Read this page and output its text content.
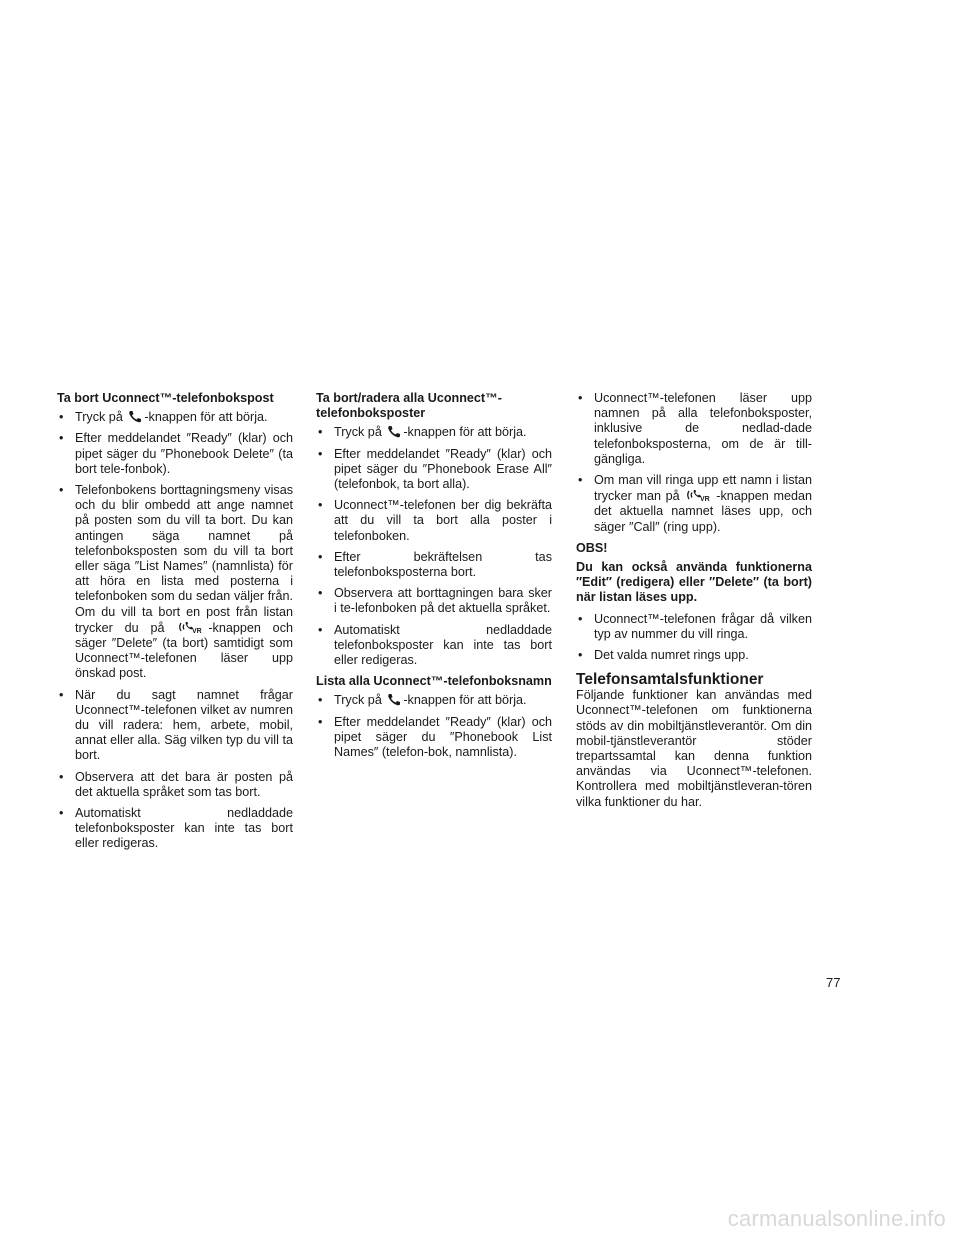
Ta bort Uconnect™-telefonbokspost

• Tryck på -knappen för att börja.
• Efter meddelandet ″Ready″ (klar) och pipet säger du ″Phonebook Delete″ (ta bort tele-fonbok).
• Telefonbokens borttagningsmeny visas och du blir ombedd att ange namnet på posten som du vill ta bort. Du kan antingen säga namnet på telefonboksposten som du vill ta bort eller säga ″List Names″ (namnlista) för att höra en lista med posterna i telefonboken som du sedan väljer från. Om du vill ta bort en post från listan trycker du på	VR -knappen och säger ″Delete″ (ta bort) samtidigt som Uconnect™-telefonen läser upp önskad post.
• När du sagt namnet frågar Uconnect™-telefonen vilket av numren du vill radera: hem, arbete, mobil, annat eller alla. Säg vilken typ du vill ta bort.
• Observera att det bara är posten på det aktuella språket som tas bort.
• Automatiskt nedladdade telefonboksposter kan inte tas bort eller redigeras.

Ta bort/radera alla Uconnect™-telefonboksposter

• Tryck på -knappen för att börja.
• Efter meddelandet ″Ready″ (klar) och pipet säger du ″Phonebook Erase All″ (telefonbok, ta bort alla).
• Uconnect™-telefonen ber dig bekräfta att du vill ta bort alla poster i telefonboken.
• Efter bekräftelsen tas telefonboksposterna bort.
• Observera att borttagningen bara sker i te-lefonboken på det aktuella språket.
• Automatiskt nedladdade telefonboksposter kan inte tas bort eller redigeras.

Lista alla Uconnect™-telefonboksnamn

• Tryck på -knappen för att börja.
• Efter meddelandet ″Ready″ (klar) och pipet säger du ″Phonebook List Names″ (telefon-bok, namnlista).
• Uconnect™-telefonen läser upp namnen på alla telefonboksposter, inklusive de nedlad-dade telefonboksposterna, om de är till-gängliga.
• Om man vill ringa upp ett namn i listan trycker man på	VR -knappen medan det aktuella namnet läses upp, och säger ″Call″ (ring upp).

OBS!

Du kan också använda funktionerna ″Edit″ (redigera) eller ″Delete″ (ta bort) när listan läses upp.

• Uconnect™-telefonen frågar då vilken typ av nummer du vill ringa.
• Det valda numret rings upp.

Telefonsamtalsfunktioner

Följande funktioner kan användas med Uconnect™-telefonen om funktionerna stöds av din mobiltjänstleverantör. Om din mobil-tjänstleverantör stöder trepartssamtal kan denna funktion användas via Uconnect™-telefonen. Kontrollera med mobiltjänstleveran-tören vilka funktioner du har.

77
carmanualsonline.info
